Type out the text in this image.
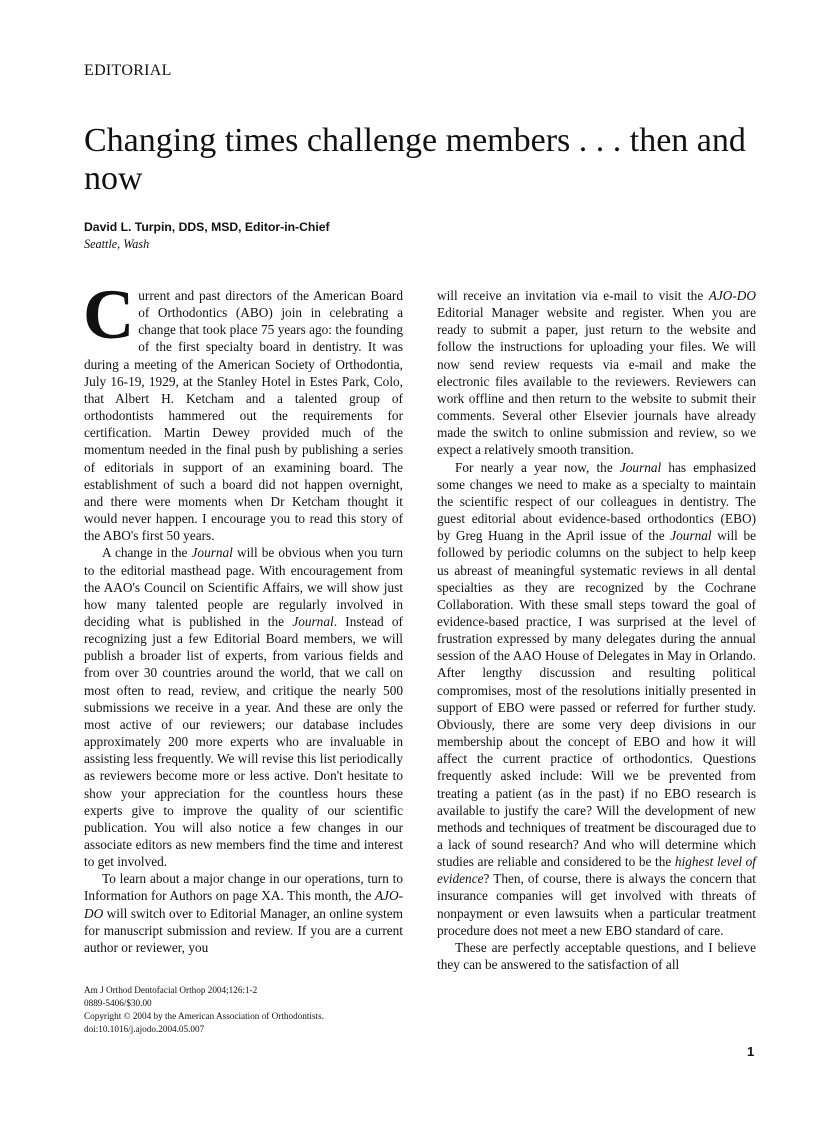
EDITORIAL
Changing times challenge members . . . then and now
David L. Turpin, DDS, MSD, Editor-in-Chief
Seattle, Wash

Current and past directors of the American Board of Orthodontics (ABO) join in celebrating a change that took place 75 years ago: the founding of the first specialty board in dentistry. It was during a meeting of the American Society of Orthodontia, July 16-19, 1929, at the Stanley Hotel in Estes Park, Colo, that Albert H. Ketcham and a talented group of orthodontists hammered out the requirements for certification. Martin Dewey provided much of the momentum needed in the final push by publishing a series of editorials in support of an examining board. The establishment of such a board did not happen overnight, and there were moments when Dr Ketcham thought it would never happen. I encourage you to read this story of the ABO's first 50 years.

A change in the Journal will be obvious when you turn to the editorial masthead page. With encouragement from the AAO's Council on Scientific Affairs, we will show just how many talented people are regularly involved in deciding what is published in the Journal. Instead of recognizing just a few Editorial Board members, we will publish a broader list of experts, from various fields and from over 30 countries around the world, that we call on most often to read, review, and critique the nearly 500 submissions we receive in a year. And these are only the most active of our reviewers; our database includes approximately 200 more experts who are invaluable in assisting less frequently. We will revise this list periodically as reviewers become more or less active. Don't hesitate to show your appreciation for the countless hours these experts give to improve the quality of our scientific publication. You will also notice a few changes in our associate editors as new members find the time and interest to get involved.

To learn about a major change in our operations, turn to Information for Authors on page XA. This month, the AJO-DO will switch over to Editorial Manager, an online system for manuscript submission and review. If you are a current author or reviewer, you

will receive an invitation via e-mail to visit the AJO-DO Editorial Manager website and register. When you are ready to submit a paper, just return to the website and follow the instructions for uploading your files. We will now send review requests via e-mail and make the electronic files available to the reviewers. Reviewers can work offline and then return to the website to submit their comments. Several other Elsevier journals have already made the switch to online submission and review, so we expect a relatively smooth transition.

For nearly a year now, the Journal has emphasized some changes we need to make as a specialty to maintain the scientific respect of our colleagues in dentistry. The guest editorial about evidence-based orthodontics (EBO) by Greg Huang in the April issue of the Journal will be followed by periodic columns on the subject to help keep us abreast of meaningful systematic reviews in all dental specialties as they are recognized by the Cochrane Collaboration. With these small steps toward the goal of evidence-based practice, I was surprised at the level of frustration expressed by many delegates during the annual session of the AAO House of Delegates in May in Orlando. After lengthy discussion and resulting political compromises, most of the resolutions initially presented in support of EBO were passed or referred for further study. Obviously, there are some very deep divisions in our membership about the concept of EBO and how it will affect the current practice of orthodontics. Questions frequently asked include: Will we be prevented from treating a patient (as in the past) if no EBO research is available to justify the care? Will the development of new methods and techniques of treatment be discouraged due to a lack of sound research? And who will determine which studies are reliable and considered to be the highest level of evidence? Then, of course, there is always the concern that insurance companies will get involved with threats of nonpayment or even lawsuits when a particular treatment procedure does not meet a new EBO standard of care.

These are perfectly acceptable questions, and I believe they can be answered to the satisfaction of all

Am J Orthod Dentofacial Orthop 2004;126:1-2
0889-5406/$30.00
Copyright © 2004 by the American Association of Orthodontists.
doi:10.1016/j.ajodo.2004.05.007
1
